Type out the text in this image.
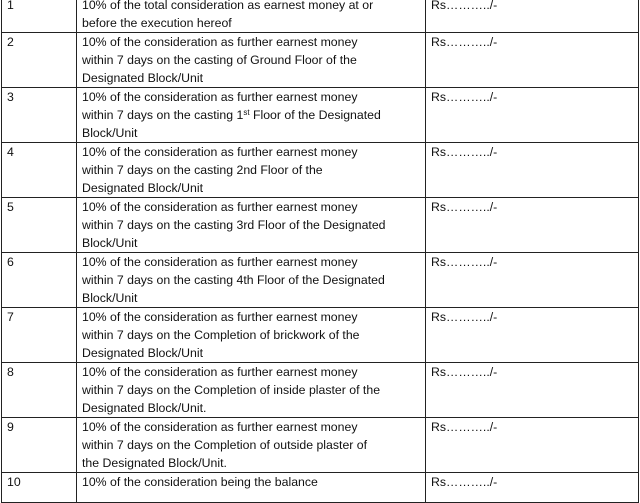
1	10% of the total consideration as earnest money at or
before the execution hereof	Rs………../-
2	10% of the consideration as further earnest money
within 7 days on the casting of Ground Floor of the
Designated Block/Unit	Rs………../-
3	10% of the consideration as further earnest money
within 7 days on the casting 1st Floor of the Designated
Block/Unit	Rs………../-
4	10% of the consideration as further earnest money
within 7 days on the casting 2nd Floor of the
Designated Block/Unit	Rs………../-
5	10% of the consideration as further earnest money
within 7 days on the casting 3rd Floor of the Designated
Block/Unit	Rs………../-
6	10% of the consideration as further earnest money
within 7 days on the casting 4th Floor of the Designated
Block/Unit	Rs………../-
7	10% of the consideration as further earnest money
within 7 days on the Completion of brickwork of the
Designated Block/Unit	Rs………../-
8	10% of the consideration as further earnest money
within 7 days on the Completion of inside plaster of the
Designated Block/Unit.	Rs………../-
9	10% of the consideration as further earnest money
within 7 days on the Completion of outside plaster of
the Designated Block/Unit.	Rs………../-
10	10% of the consideration being the balance	Rs………../-
